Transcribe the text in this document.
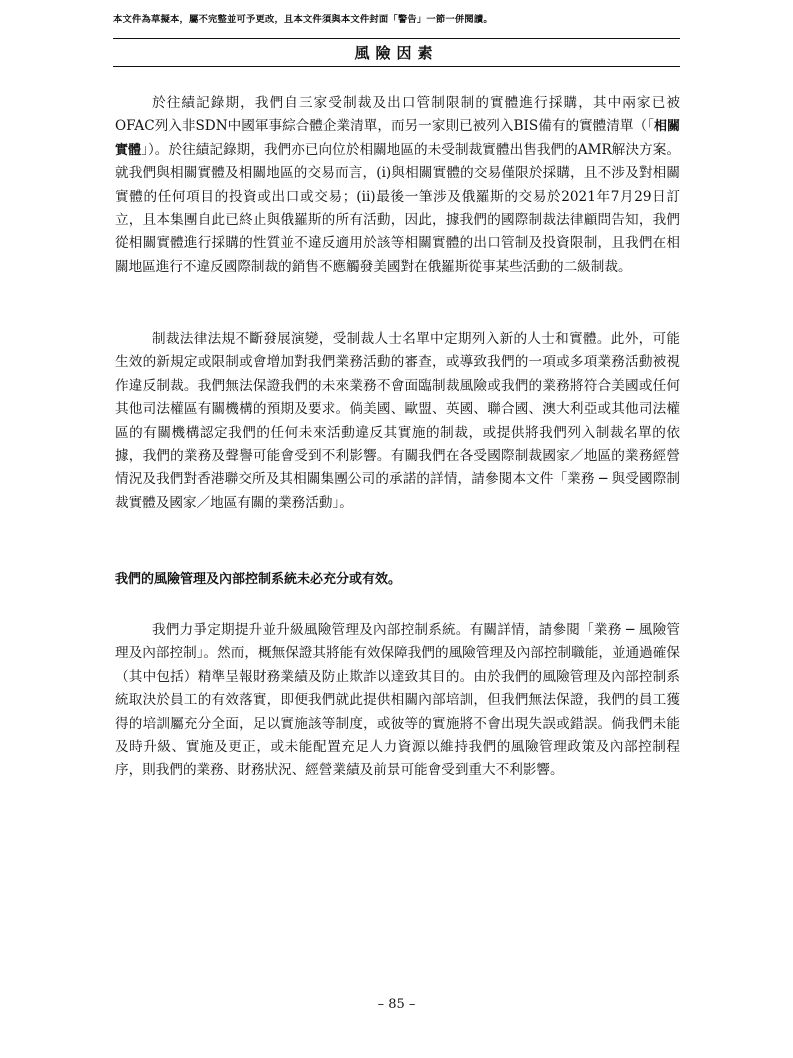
本文件為草擬本，屬不完整並可予更改，且本文件須與本文件封面「警告」一節一併閱讀。
風險因素
於往績記錄期，我們自三家受制裁及出口管制限制的實體進行採購，其中兩家已被OFAC列入非SDN中國軍事綜合體企業清單，而另一家則已被列入BIS備有的實體清單（「相關實體」）。於往績記錄期，我們亦已向位於相關地區的未受制裁實體出售我們的AMR解決方案。就我們與相關實體及相關地區的交易而言，(i)與相關實體的交易僅限於採購，且不涉及對相關實體的任何項目的投資或出口或交易；(ii)最後一筆涉及俄羅斯的交易於2021年7月29日訂立，且本集團自此已終止與俄羅斯的所有活動，因此，據我們的國際制裁法律顧問告知，我們從相關實體進行採購的性質並不違反適用於該等相關實體的出口管制及投資限制，且我們在相關地區進行不違反國際制裁的銷售不應觸發美國對在俄羅斯從事某些活動的二級制裁。
制裁法律法規不斷發展演變，受制裁人士名單中定期列入新的人士和實體。此外，可能生效的新規定或限制或會增加對我們業務活動的審查，或導致我們的一項或多項業務活動被視作違反制裁。我們無法保證我們的未來業務不會面臨制裁風險或我們的業務將符合美國或任何其他司法權區有關機構的預期及要求。倘美國、歐盟、英國、聯合國、澳大利亞或其他司法權區的有關機構認定我們的任何未來活動違反其實施的制裁，或提供將我們列入制裁名單的依據，我們的業務及聲譽可能會受到不利影響。有關我們在各受國際制裁國家／地區的業務經營情況及我們對香港聯交所及其相關集團公司的承諾的詳情，請參閱本文件「業務 ─ 與受國際制裁實體及國家／地區有關的業務活動」。
我們的風險管理及內部控制系統未必充分或有效。
我們力爭定期提升並升級風險管理及內部控制系統。有關詳情，請參閱「業務 ─ 風險管理及內部控制」。然而，概無保證其將能有效保障我們的風險管理及內部控制職能，並通過確保（其中包括）精準呈報財務業績及防止欺詐以達致其目的。由於我們的風險管理及內部控制系統取決於員工的有效落實，即便我們就此提供相關內部培訓，但我們無法保證，我們的員工獲得的培訓屬充分全面，足以實施該等制度，或彼等的實施將不會出現失誤或錯誤。倘我們未能及時升級、實施及更正，或未能配置充足人力資源以維持我們的風險管理政策及內部控制程序，則我們的業務、財務狀況、經營業績及前景可能會受到重大不利影響。
– 85 –
